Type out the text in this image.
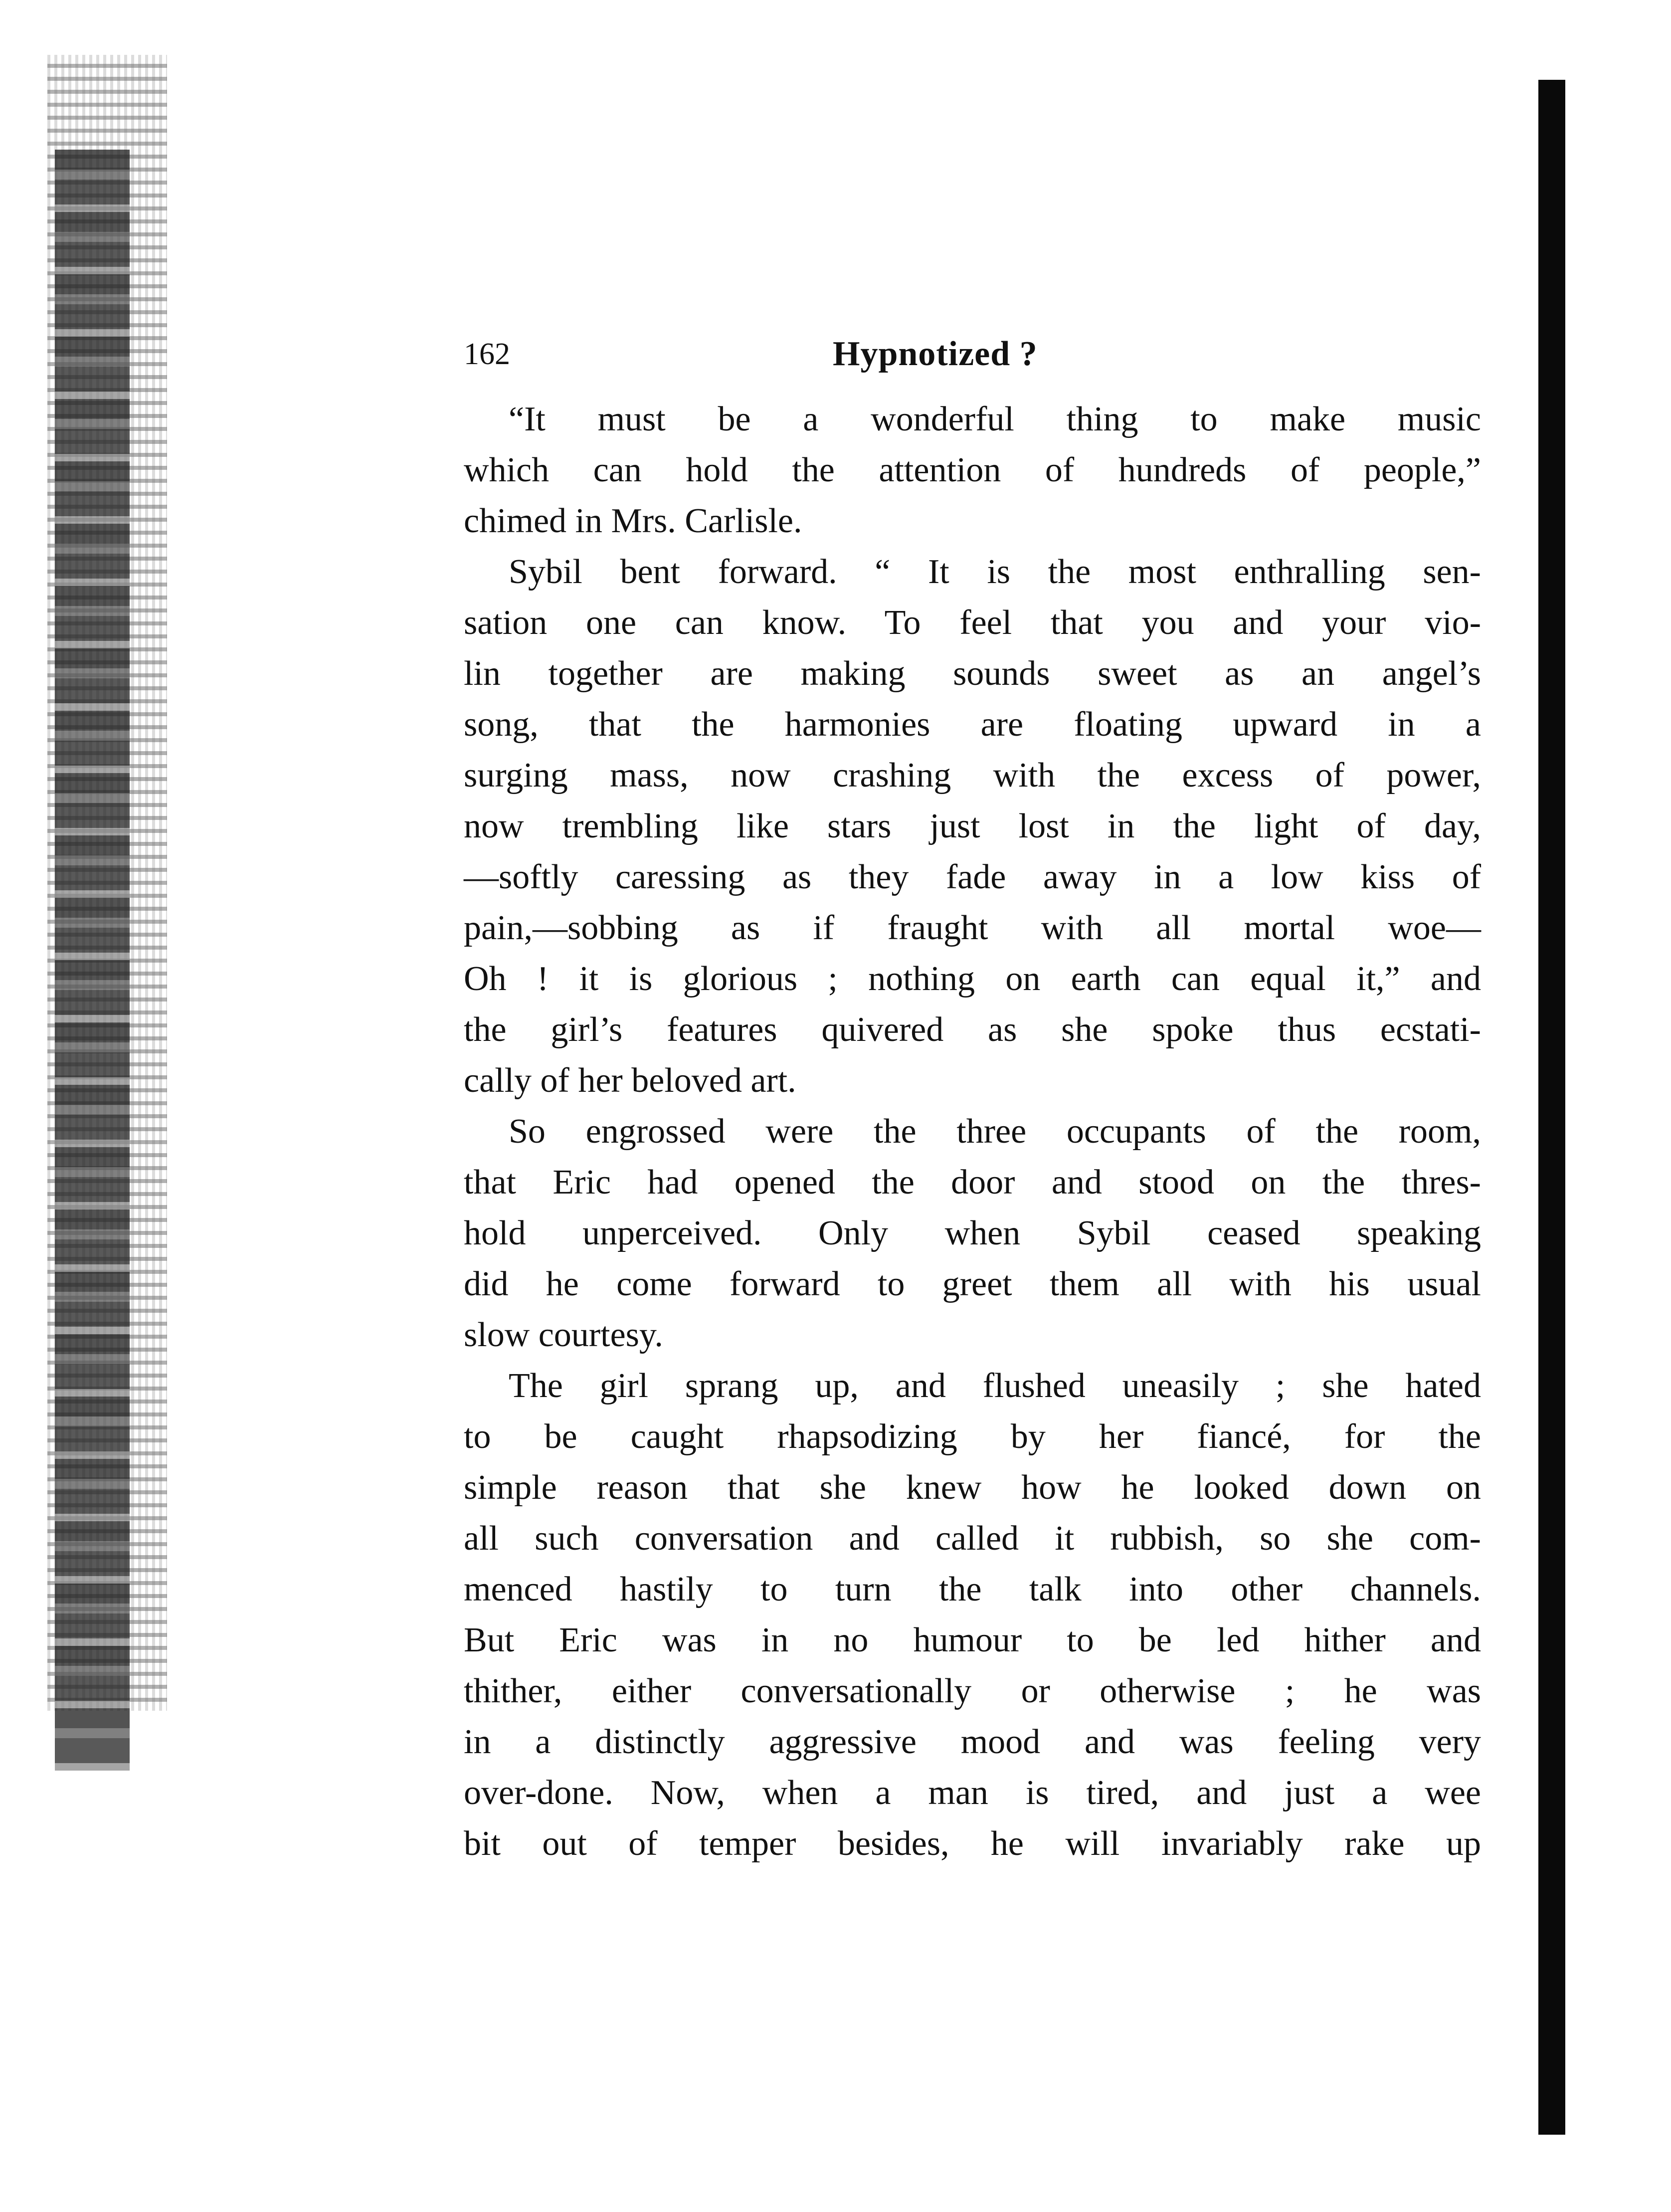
162	Hypnotized ?
“It must be a wonderful thing to make music
which can hold the attention of hundreds of people,”
chimed in Mrs. Carlisle.
Sybil bent forward. “ It is the most enthralling sen-
sation one can know. To feel that you and your vio-
lin together are making sounds sweet as an angel’s
song, that the harmonies are floating upward in a
surging mass, now crashing with the excess of power,
now trembling like stars just lost in the light of day,
—softly caressing as they fade away in a low kiss of
pain,—sobbing as if fraught with all mortal woe—
Oh ! it is glorious ; nothing on earth can equal it,” and
the girl’s features quivered as she spoke thus ecstati-
cally of her beloved art.
So engrossed were the three occupants of the room,
that Eric had opened the door and stood on the thres-
hold unperceived. Only when Sybil ceased speaking
did he come forward to greet them all with his usual
slow courtesy.
The girl sprang up, and flushed uneasily ; she hated
to be caught rhapsodizing by her fiancé, for the
simple reason that she knew how he looked down on
all such conversation and called it rubbish, so she com-
menced hastily to turn the talk into other channels.
But Eric was in no humour to be led hither and
thither, either conversationally or otherwise ; he was
in a distinctly aggressive mood and was feeling very
over-done. Now, when a man is tired, and just a wee
bit out of temper besides, he will invariably rake up
